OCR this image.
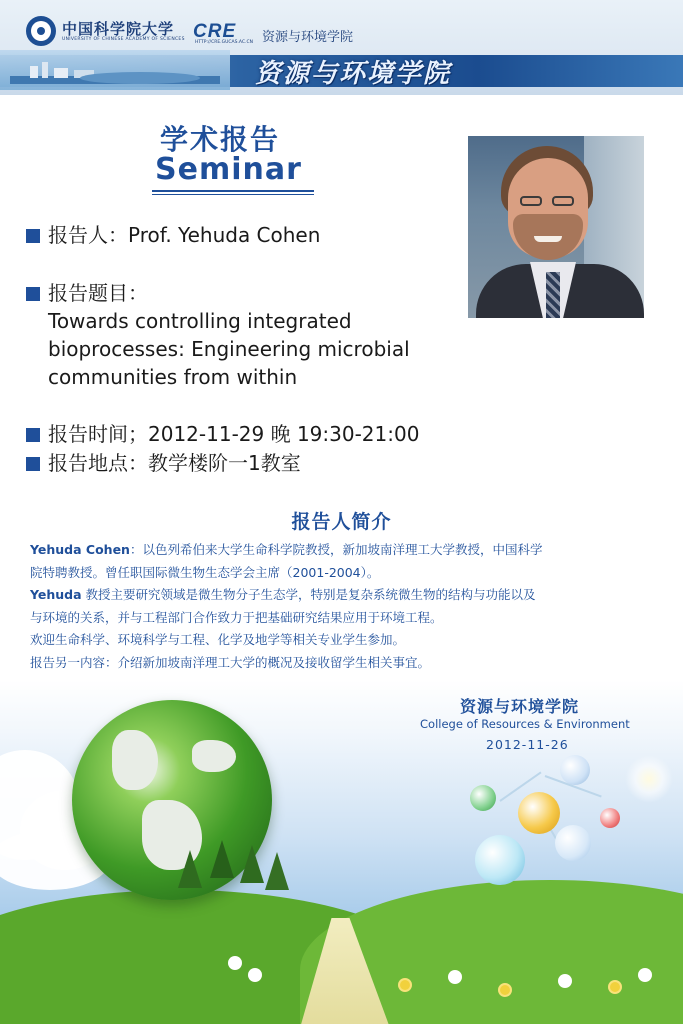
中国科学院大学
UNIVERSITY OF CHINESE ACADEMY OF SCIENCES CRE
HTTP://CRE.GUCAS.AC.CN 资源与环境学院
资源与环境学院
学术报告
Seminar
报告人：Prof. Yehuda Cohen
报告题目：
Towards controlling integrated
bioprocesses: Engineering microbial
communities from within
报告时间；2012-11-29 晚 19:30-21:00
报告地点：教学楼阶一1教室
报告人简介

Yehuda Cohen：以色列希伯来大学生命科学院教授，新加坡南洋理工大学教授，中国科学

院特聘教授。曾任职国际微生物生态学会主席（2001-2004）。

Yehuda 教授主要研究领域是微生物分子生态学，特别是复杂系统微生物的结构与功能以及

与环境的关系，并与工程部门合作致力于把基础研究结果应用于环境工程。

欢迎生命科学、环境科学与工程、化学及地学等相关专业学生参加。

报告另一内容：介绍新加坡南洋理工大学的概况及接收留学生相关事宜。

资源与环境学院
College of Resources & Environment
2012-11-26
